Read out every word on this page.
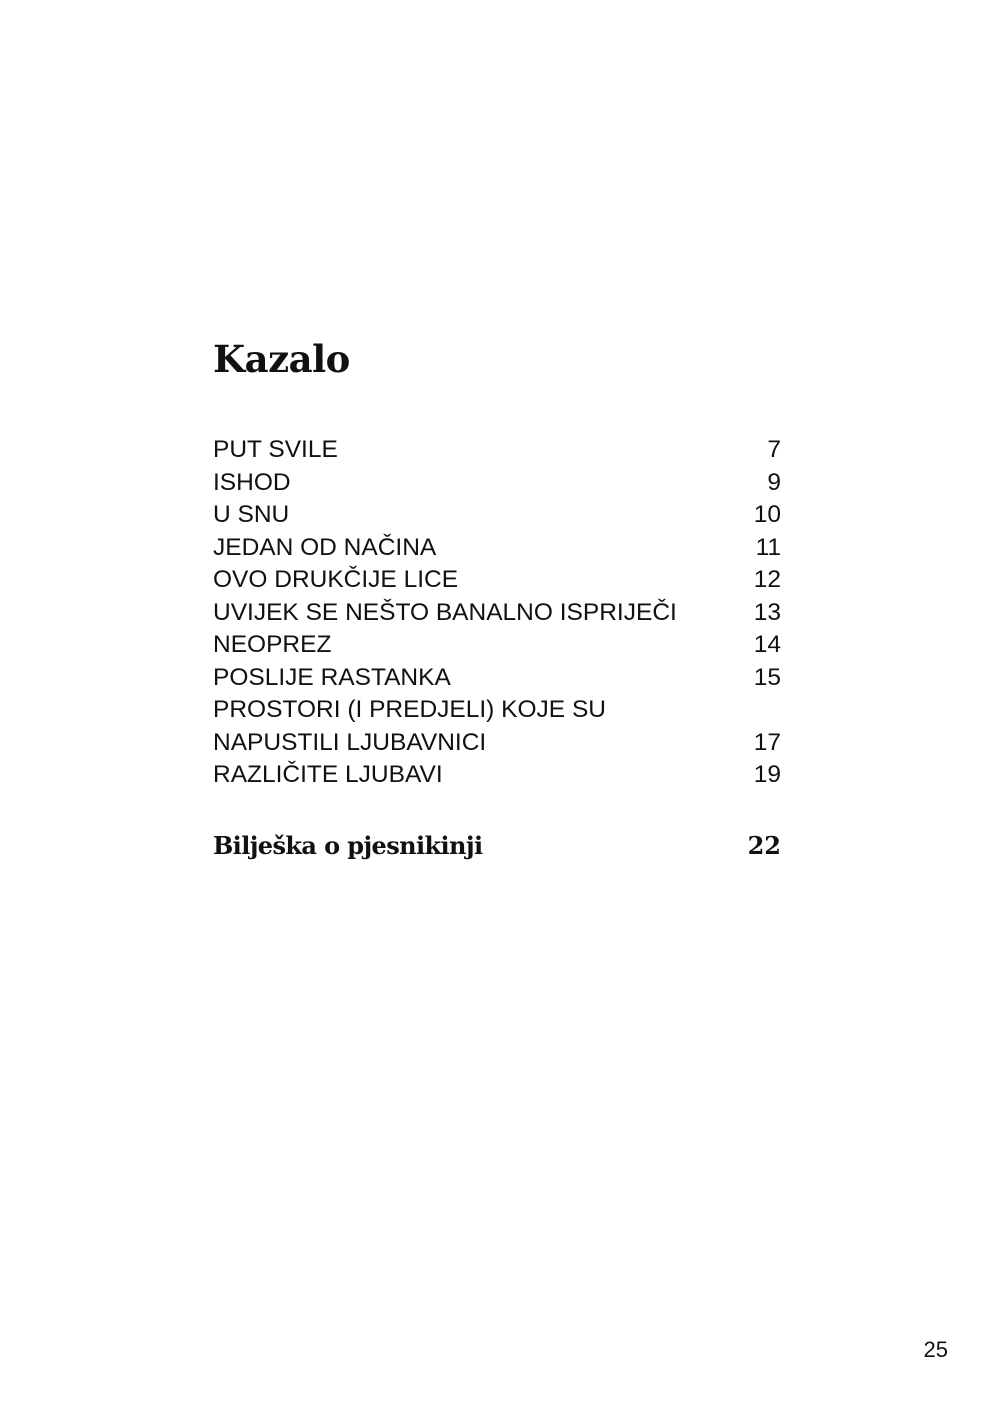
Kazalo
PUT SVILE	7
ISHOD	9
U SNU	10
JEDAN OD NAČINA	11
OVO DRUKČIJE LICE	12
UVIJEK SE NEŠTO BANALNO ISPRIJEČI	13
NEOPREZ	14
POSLIJE RASTANKA	15
PROSTORI (I PREDJELI) KOJE SU
NAPUSTILI LJUBAVNICI	17
RAZLIČITE LJUBAVI	19
Bilješka o pjesnikinji	22
25
